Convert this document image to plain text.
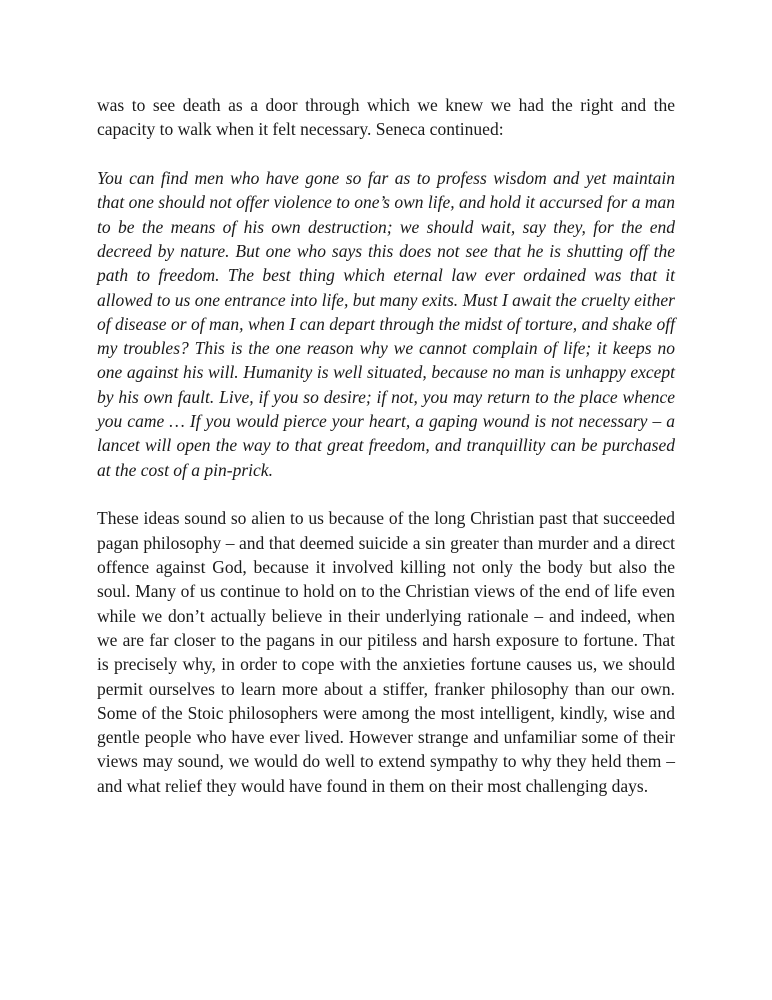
was to see death as a door through which we knew we had the right and the capacity to walk when it felt necessary. Seneca continued:

You can find men who have gone so far as to profess wisdom and yet maintain that one should not offer violence to one’s own life, and hold it accursed for a man to be the means of his own destruction; we should wait, say they, for the end decreed by nature. But one who says this does not see that he is shutting off the path to freedom. The best thing which eternal law ever ordained was that it allowed to us one entrance into life, but many exits. Must I await the cruelty either of disease or of man, when I can depart through the midst of torture, and shake off my troubles? This is the one reason why we cannot complain of life; it keeps no one against his will. Humanity is well situated, because no man is unhappy except by his own fault. Live, if you so desire; if not, you may return to the place whence you came … If you would pierce your heart, a gaping wound is not necessary – a lancet will open the way to that great freedom, and tranquillity can be purchased at the cost of a pin-prick.

These ideas sound so alien to us because of the long Christian past that succeeded pagan philosophy – and that deemed suicide a sin greater than murder and a direct offence against God, because it involved killing not only the body but also the soul. Many of us continue to hold on to the Christian views of the end of life even while we don’t actually believe in their underlying rationale – and indeed, when we are far closer to the pagans in our pitiless and harsh exposure to fortune. That is precisely why, in order to cope with the anxieties fortune causes us, we should permit ourselves to learn more about a stiffer, franker philosophy than our own. Some of the Stoic philosophers were among the most intelligent, kindly, wise and gentle people who have ever lived. However strange and unfamiliar some of their views may sound, we would do well to extend sympathy to why they held them – and what relief they would have found in them on their most challenging days.
